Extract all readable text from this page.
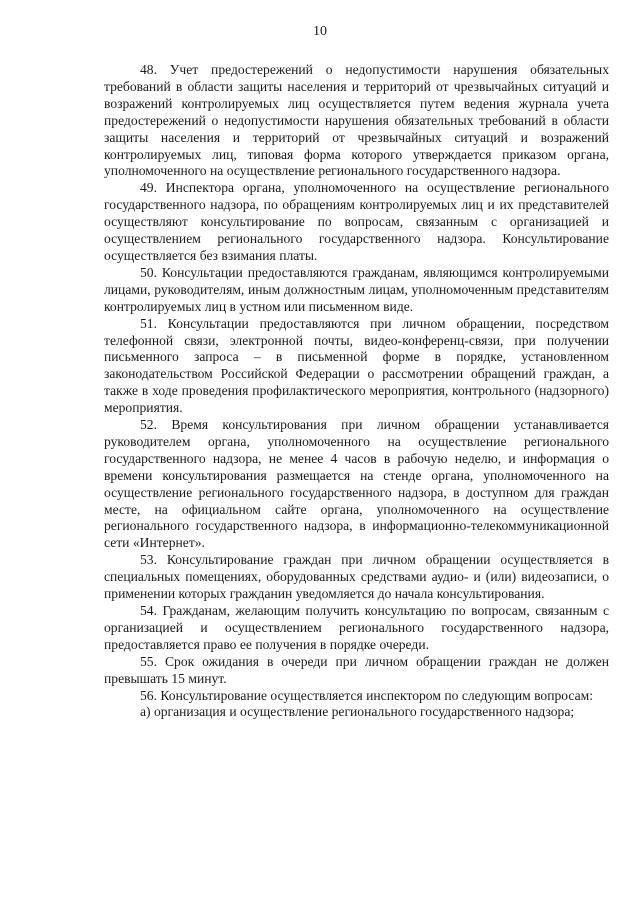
10

48. Учет предостережений о недопустимости нарушения обязательных требований в области защиты населения и территорий от чрезвычайных ситуаций и возражений контролируемых лиц осуществляется путем ведения журнала учета предостережений о недопустимости нарушения обязательных требований в области защиты населения и территорий от чрезвычайных ситуаций и возражений контролируемых лиц, типовая форма которого утверждается приказом органа, уполномоченного на осуществление регионального государственного надзора.

49. Инспектора органа, уполномоченного на осуществление регионального государственного надзора, по обращениям контролируемых лиц и их представителей осуществляют консультирование по вопросам, связанным с организацией и осуществлением регионального государственного надзора. Консультирование осуществляется без взимания платы.

50. Консультации предоставляются гражданам, являющимся контролируемыми лицами, руководителям, иным должностным лицам, уполномоченным представителям контролируемых лиц в устном или письменном виде.

51. Консультации предоставляются при личном обращении, посредством телефонной связи, электронной почты, видео-конференц-связи, при получении письменного запроса – в письменной форме в порядке, установленном законодательством Российской Федерации о рассмотрении обращений граждан, а также в ходе проведения профилактического мероприятия, контрольного (надзорного) мероприятия.

52. Время консультирования при личном обращении устанавливается руководителем органа, уполномоченного на осуществление регионального государственного надзора, не менее 4 часов в рабочую неделю, и информация о времени консультирования размещается на стенде органа, уполномоченного на осуществление регионального государственного надзора, в доступном для граждан месте, на официальном сайте органа, уполномоченного на осуществление регионального государственного надзора, в информационно-телекоммуникационной сети «Интернет».

53. Консультирование граждан при личном обращении осуществляется в специальных помещениях, оборудованных средствами аудио- и (или) видеозаписи, о применении которых гражданин уведомляется до начала консультирования.

54. Гражданам, желающим получить консультацию по вопросам, связанным с организацией и осуществлением регионального государственного надзора, предоставляется право ее получения в порядке очереди.

55. Срок ожидания в очереди при личном обращении граждан не должен превышать 15 минут.

56. Консультирование осуществляется инспектором по следующим вопросам:

а) организация и осуществление регионального государственного надзора;
